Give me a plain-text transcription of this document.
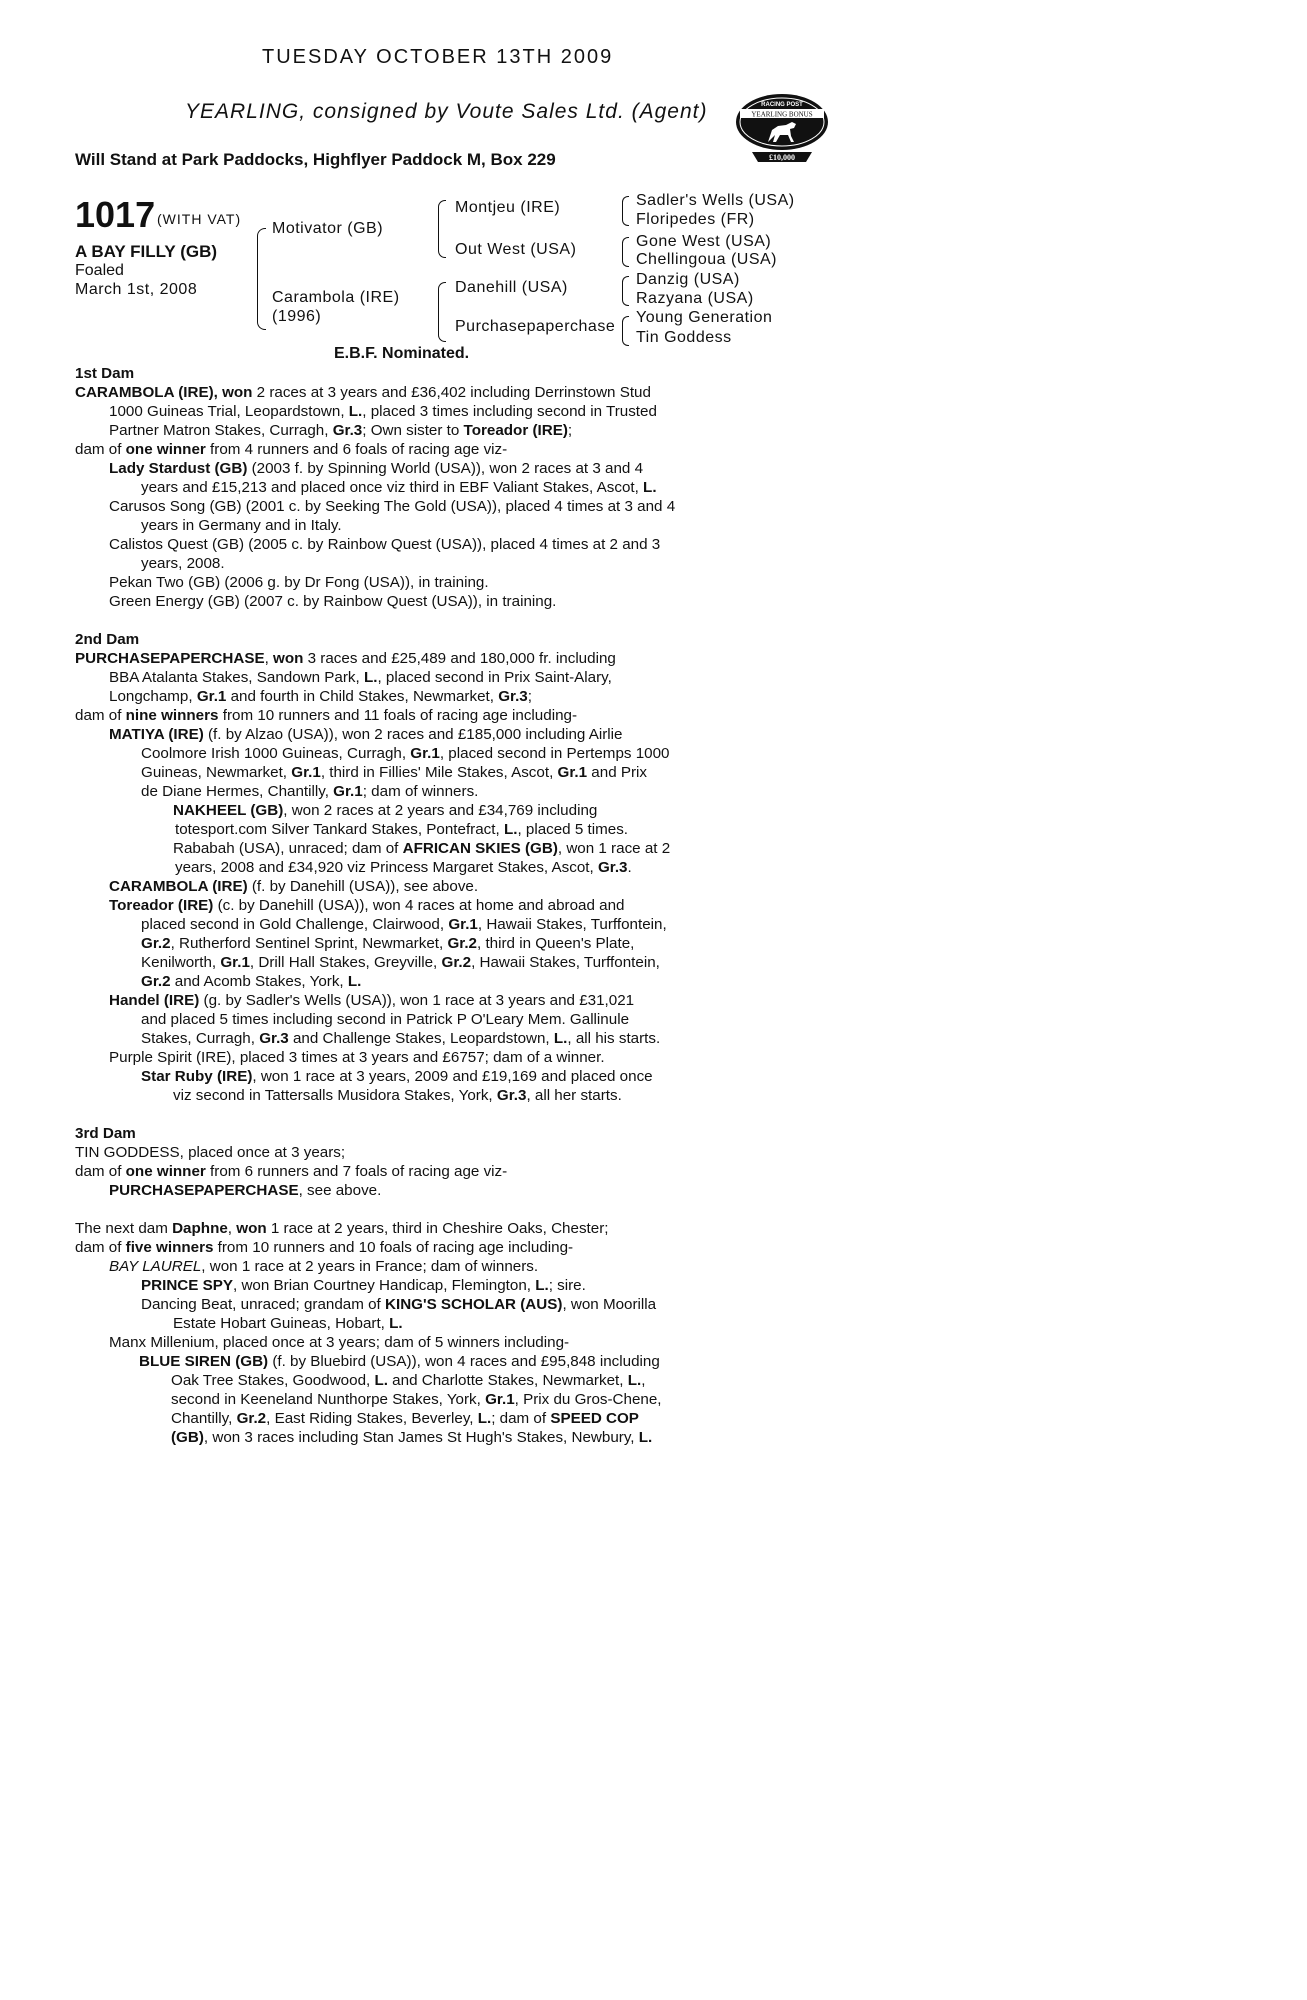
TUESDAY OCTOBER 13TH 2009
YEARLING, consigned by Voute Sales Ltd. (Agent)
Will Stand at Park Paddocks, Highflyer Paddock M, Box 229
RACING POST
YEARLING BONUS
£10,000
1017 (WITH VAT)
A BAY FILLY (GB)
Foaled
March 1st, 2008
Motivator (GB)
Carambola (IRE)
(1996)
Montjeu (IRE)
Out West (USA)
Danehill (USA)
Purchasepaperchase
Sadler's Wells (USA)
Floripedes (FR)
Gone West (USA)
Chellingoua (USA)
Danzig (USA)
Razyana (USA)
Young Generation
Tin Goddess
E.B.F. Nominated.
1st Dam
CARAMBOLA (IRE), won 2 races at 3 years and £36,402 including Derrinstown Stud
1000 Guineas Trial, Leopardstown, L., placed 3 times including second in Trusted
Partner Matron Stakes, Curragh, Gr.3; Own sister to Toreador (IRE);
dam of one winner from 4 runners and 6 foals of racing age viz-
Lady Stardust (GB) (2003 f. by Spinning World (USA)), won 2 races at 3 and 4
years and £15,213 and placed once viz third in EBF Valiant Stakes, Ascot, L.
Carusos Song (GB) (2001 c. by Seeking The Gold (USA)), placed 4 times at 3 and 4
years in Germany and in Italy.
Calistos Quest (GB) (2005 c. by Rainbow Quest (USA)), placed 4 times at 2 and 3
years, 2008.
Pekan Two (GB) (2006 g. by Dr Fong (USA)), in training.
Green Energy (GB) (2007 c. by Rainbow Quest (USA)), in training.
2nd Dam
PURCHASEPAPERCHASE, won 3 races and £25,489 and 180,000 fr. including
BBA Atalanta Stakes, Sandown Park, L., placed second in Prix Saint-Alary,
Longchamp, Gr.1 and fourth in Child Stakes, Newmarket, Gr.3;
dam of nine winners from 10 runners and 11 foals of racing age including-
MATIYA (IRE) (f. by Alzao (USA)), won 2 races and £185,000 including Airlie
Coolmore Irish 1000 Guineas, Curragh, Gr.1, placed second in Pertemps 1000
Guineas, Newmarket, Gr.1, third in Fillies' Mile Stakes, Ascot, Gr.1 and Prix
de Diane Hermes, Chantilly, Gr.1; dam of winners.
NAKHEEL (GB), won 2 races at 2 years and £34,769 including
totesport.com Silver Tankard Stakes, Pontefract, L., placed 5 times.
Rababah (USA), unraced; dam of AFRICAN SKIES (GB), won 1 race at 2
years, 2008 and £34,920 viz Princess Margaret Stakes, Ascot, Gr.3.
CARAMBOLA (IRE) (f. by Danehill (USA)), see above.
Toreador (IRE) (c. by Danehill (USA)), won 4 races at home and abroad and
placed second in Gold Challenge, Clairwood, Gr.1, Hawaii Stakes, Turffontein,
Gr.2, Rutherford Sentinel Sprint, Newmarket, Gr.2, third in Queen's Plate,
Kenilworth, Gr.1, Drill Hall Stakes, Greyville, Gr.2, Hawaii Stakes, Turffontein,
Gr.2 and Acomb Stakes, York, L.
Handel (IRE) (g. by Sadler's Wells (USA)), won 1 race at 3 years and £31,021
and placed 5 times including second in Patrick P O'Leary Mem. Gallinule
Stakes, Curragh, Gr.3 and Challenge Stakes, Leopardstown, L., all his starts.
Purple Spirit (IRE), placed 3 times at 3 years and £6757; dam of a winner.
Star Ruby (IRE), won 1 race at 3 years, 2009 and £19,169 and placed once
viz second in Tattersalls Musidora Stakes, York, Gr.3, all her starts.
3rd Dam
TIN GODDESS, placed once at 3 years;
dam of one winner from 6 runners and 7 foals of racing age viz-
PURCHASEPAPERCHASE, see above.
The next dam Daphne, won 1 race at 2 years, third in Cheshire Oaks, Chester;
dam of five winners from 10 runners and 10 foals of racing age including-
BAY LAUREL, won 1 race at 2 years in France; dam of winners.
PRINCE SPY, won Brian Courtney Handicap, Flemington, L.; sire.
Dancing Beat, unraced; grandam of KING'S SCHOLAR (AUS), won Moorilla
Estate Hobart Guineas, Hobart, L.
Manx Millenium, placed once at 3 years; dam of 5 winners including-
BLUE SIREN (GB) (f. by Bluebird (USA)), won 4 races and £95,848 including
Oak Tree Stakes, Goodwood, L. and Charlotte Stakes, Newmarket, L.,
second in Keeneland Nunthorpe Stakes, York, Gr.1, Prix du Gros-Chene,
Chantilly, Gr.2, East Riding Stakes, Beverley, L.; dam of SPEED COP
(GB), won 3 races including Stan James St Hugh's Stakes, Newbury, L.
